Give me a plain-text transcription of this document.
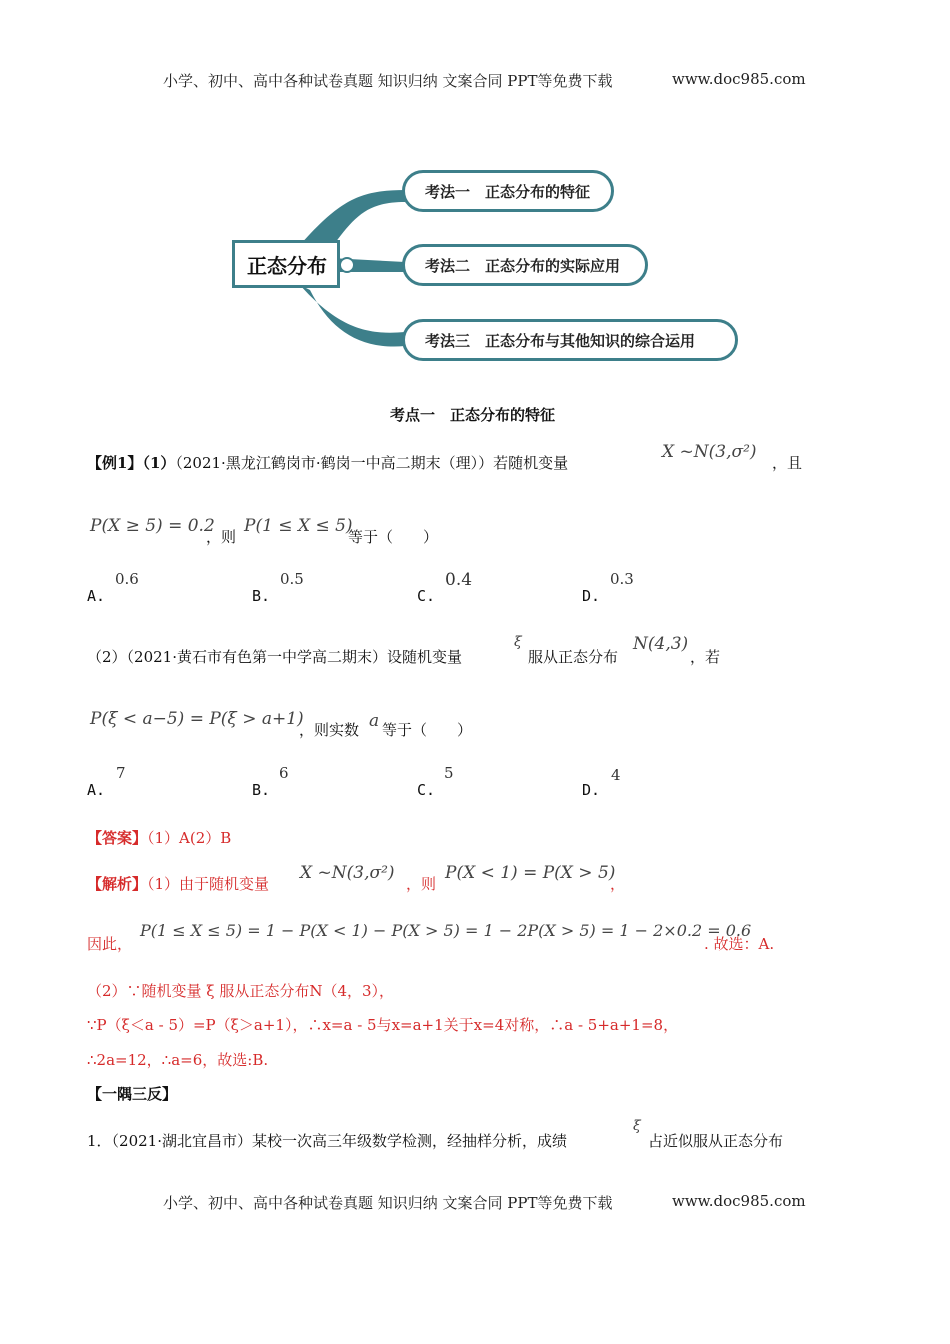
小学、初中、高中各种试卷真题 知识归纳 文案合同 PPT等免费下载	www.doc985.com
正态分布
考法一　正态分布的特征
考法二　正态分布的实际应用
考法三　正态分布与其他知识的综合运用
考点一　正态分布的特征
【例1】（1）（2021·黑龙江鹤岗市·鹤岗一中高二期末（理））若随机变量
X ~N(3,σ²)
，且
P(X ≥ 5) = 0.2
，则
P(1 ≤ X ≤ 5)
等于（　　）
A.
0.6
B.
0.5
C.
0.4
D.
0.3
（2）（2021·黄石市有色第一中学高二期末）设随机变量
ξ
服从正态分布
N(4,3)
，若
P(ξ < a−5) = P(ξ > a+1)
，则实数 a 等于（　　）
A.
7
B.
6
C.
5
D.
4
【答案】（1）A(2）B
【解析】（1）由于随机变量
X ~N(3,σ²)
，则
P(X < 1) = P(X > 5)
，
因此，
P(1 ≤ X ≤ 5) = 1 − P(X < 1) − P(X > 5) = 1 − 2P(X > 5) = 1 − 2×0.2 = 0.6
. 故选：A.
（2）∵随机变量 ξ 服从正态分布N（4，3），
∵P（ξ＜a - 5）=P（ξ＞a+1），∴x=a - 5与x=a+1关于x=4对称，∴a - 5+a+1=8，
∴2a=12，∴a=6，故选:B.
【一隅三反】
1．（2021·湖北宜昌市）某校一次高三年级数学检测，经抽样分析，成绩
ξ
占近似服从正态分布
小学、初中、高中各种试卷真题 知识归纳 文案合同 PPT等免费下载	www.doc985.com
